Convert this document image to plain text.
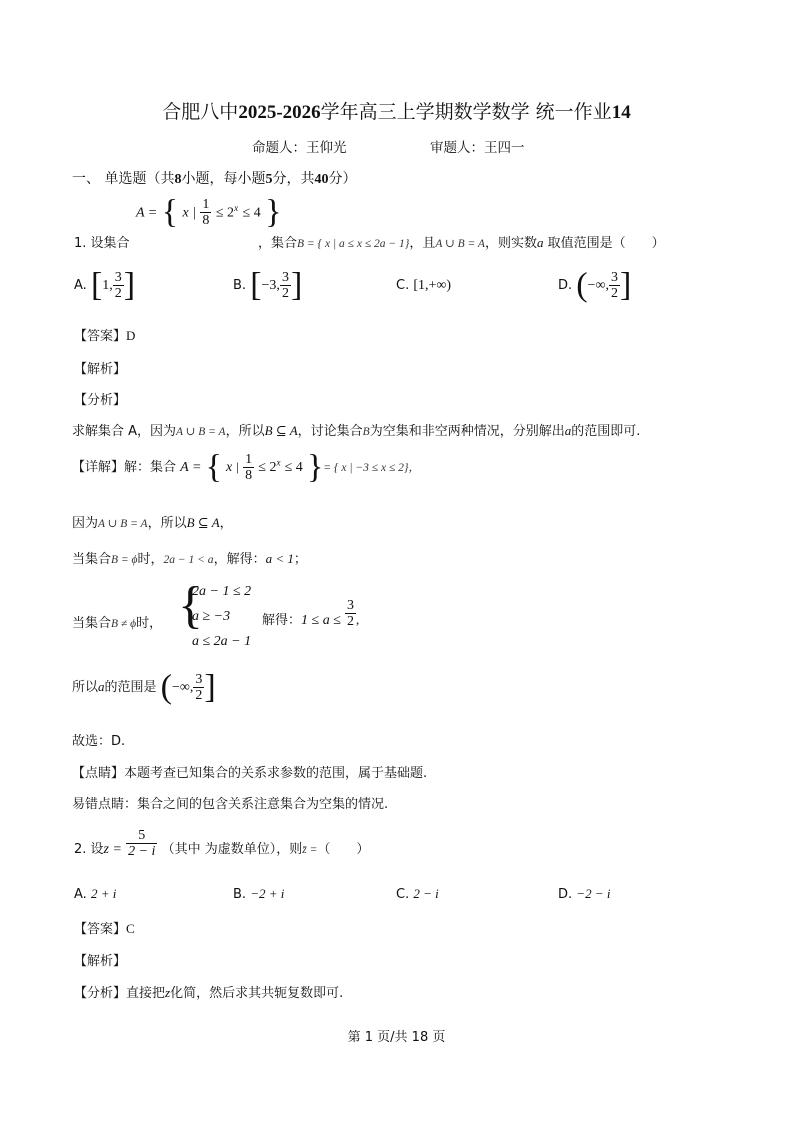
合肥八中2025-2026学年高三上学期数学数学 统一作业14
命题人：王仰光	审题人：王四一
一、 单选题（共8小题，每小题5分，共40分）
A = { x | $\frac{1}{8} \le 2^x \le 4$ }
1. 设集合	，集合B = { x | a ≤ x ≤ 2a − 1}，且A ∪ B = A，则实数a 取值范围是（　　）
A. [1, $\frac{3}{2}$ ]	B. [−3, $\frac{3}{2}$ ]	C. [1,+∞)	D. (−∞, $\frac{3}{2}$ ]
【答案】D
【解析】
【分析】
求解集合 A，因为A ∪ B = A，所以B ⊆ A，讨论集合B为空集和非空两种情况，分别解出a的范围即可.
【详解】解：集合 A = { x | $\frac{1}{8} \le 2^x \le 4$ }= { x | −3 ≤ x ≤ 2}，
因为A ∪ B = A，所以B ⊆ A，
当集合B = ϕ时，2a − 1 < a，解得：a < 1；
当集合B ≠ ϕ时， {
2a − 1 ≤ 2
a ≥ −3
a ≤ 2a − 1
解得：$1 \le a \le \frac{3}{2}$ ,
所以a的范围是 (−∞, $\frac{3}{2}$ ]
故选：D.
【点睛】本题考查已知集合的关系求参数的范围，属于基础题.
易错点睛：集合之间的包含关系注意集合为空集的情况.
2. 设$z = \frac{5}{2 - i}$ （其中 为虚数单位），则z̄ =（　　）
A. 2 + i	B. −2 + i	C. 2 − i	D. −2 − i
【答案】C
【解析】
【分析】直接把z化简，然后求其共轭复数即可.
第 1 页/共 18 页
